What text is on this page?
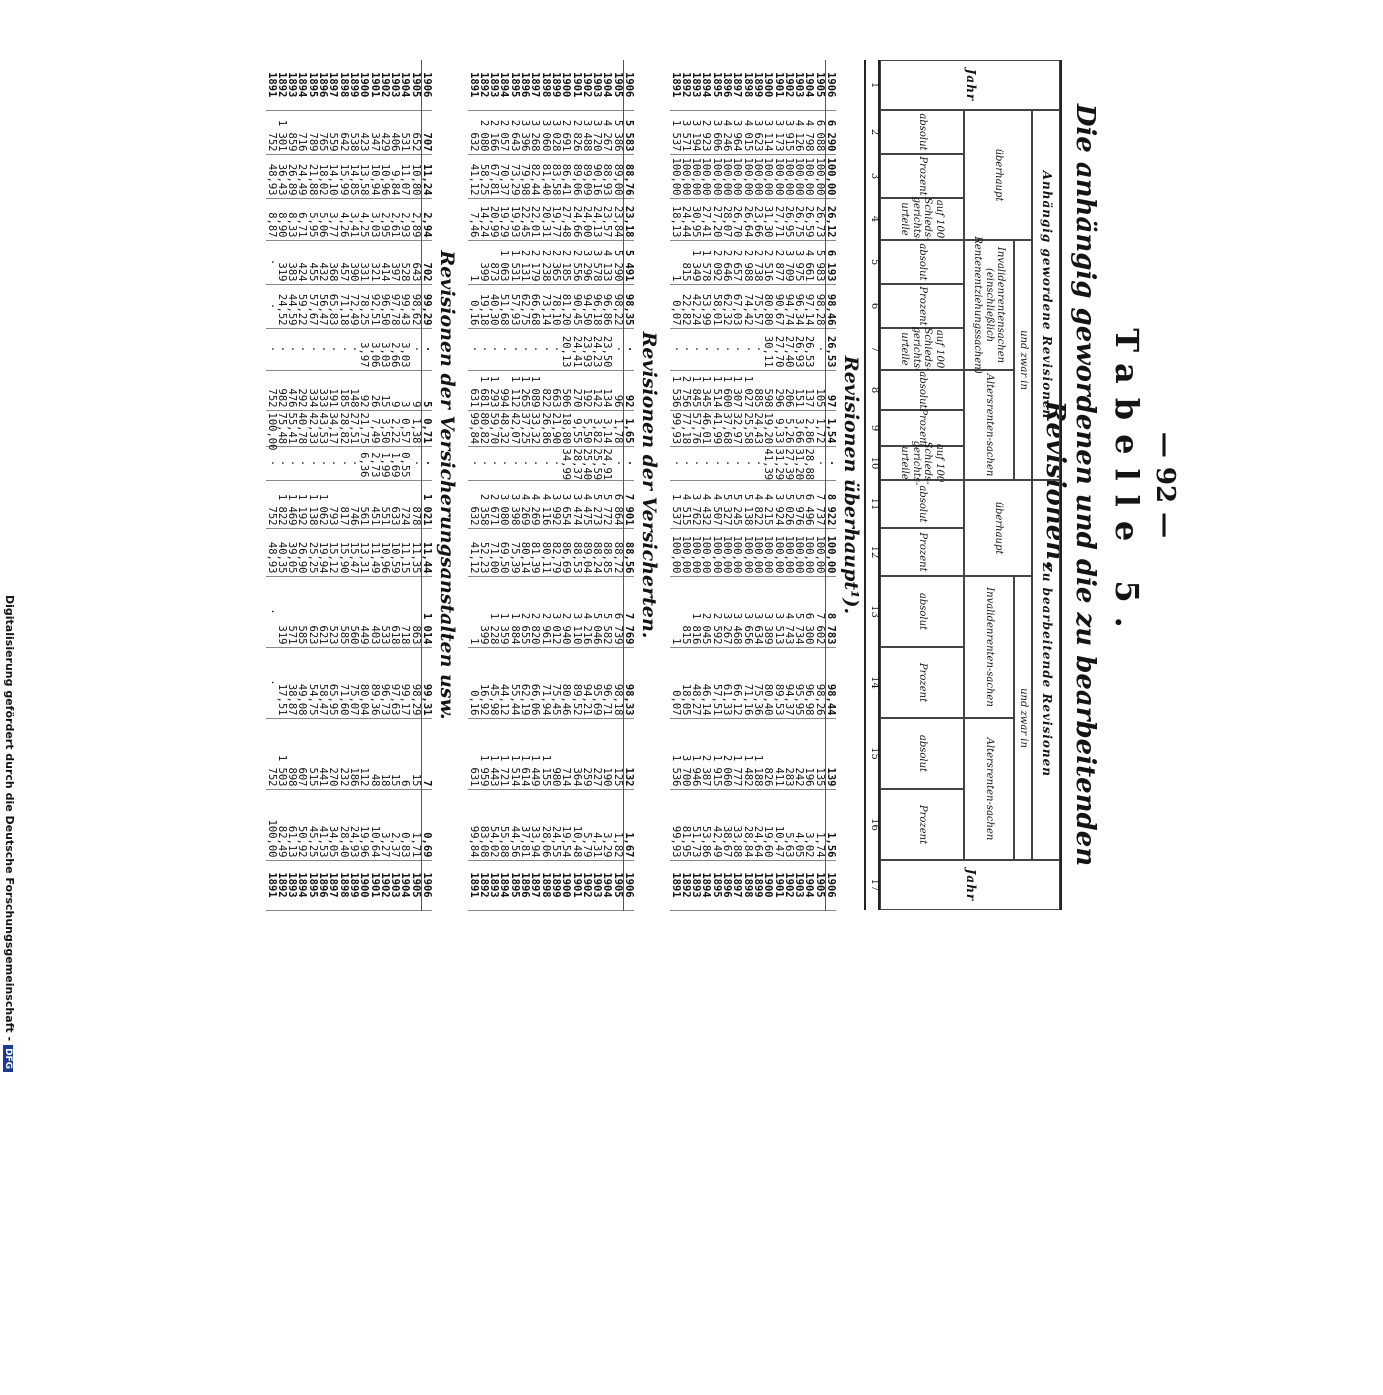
— 92 —
Tabelle 5.
Die anhängig gewordenen und die zu bearbeitenden Revisionen.
Jahr
Anhängig gewordene Revisionen
überhaupt
und zwar in
Invalidenrentensachen (einschließlich Rentenentziehungssachen)
Altersrenten-sachen
Zu bearbeitende Revisionen
überhaupt
und zwar in
Invalidenrenten-sachen
Altersrenten-sachen
Jahr
absolut
Prozent
auf 100 Schieds-gerichts-urteile
absolut
Prozent
auf 100 Schieds-gerichts-urteile
absolut
Prozent
auf 100 Schieds-gerichts-urteile
absolut
Prozent
absolut
Prozent
absolut
Prozent
1
2
3
4
5
6
7
8
9
10
11
12
13
14
15
16
17
Revisionen überhaupt¹).
1906	6 290	100,00	26,12	6 193	98,46	26,53	97	1,54	·	8 922	100,00	8 783	98,44	139	1,56	1906
1905	6 088	100,00	26,73	5 983	98,28	·	105	1,72	·	7 737	100,00	7 602	98,26	135	1,74	1905
1904	4 798	100,00	26,59	4 661	97,14	26,53	137	2,86	28,88	6 496	100,00	6 300	96,98	196	3,02	1904
1903	4 126	100,00	26,75	3 975	96,34	26,93	151	3,66	31,20	5 976	100,00	5 734	95,95	242	4,05	1903
1902	3 915	100,00	26,95	3 709	94,74	27,40	206	5,26	27,39	5 026	100,00	4 743	94,37	283	5,63	1902
1901	3 173	100,00	27,71	2 877	90,67	27,70	296	9,33	31,29	3 924	100,00	3 513	89,53	411	10,47	1901
1900	3 114	100,00	31,30	2 516	80,80	30,11	598	19,20	41,39	4 215	100,00	3 389	80,40	826	19,60	1900
1899	3 623	100,00	23,66	2 738	75,57	·	885	24,43	·	4 822	100,00	3 634	75,36	1 188	24,64	1899
1898	4 015	100,00	26,64	2 988	74,42	·	1 027	25,58	·	5 138	100,00	3 656	71,16	1 482	28,84	1898
1897	3 964	100,00	26,70	2 657	67,03	·	1 307	32,97	·	5 245	100,00	3 468	66,12	1 777	33,88	1897
1896	4 246	100,00	28,07	2 646	62,32	·	1 600	37,68	·	5 327	100,00	3 267	61,33	2 060	38,67	1896
1895	3 606	100,00	27,20	2 092	58,01	·	1 514	41,99	·	4 507	100,00	2 592	57,51	1 915	42,49	1895
1894	2 923	100,00	27,41	1 578	53,99	·	1 345	46,01	·	4 432	100,00	2 045	46,14	2 387	53,86	1894
1893	3 194	100,00	30,95	1 349	42,24	·	1 845	57,76	·	3 762	100,00	1 816	48,27	1 946	51,73	1893
1892	3 571	100,00	24,44	815	22,82	·	2 756	77,18	·	4 515	100,00	815	18,05	3 700	81,95	1892
1891	1 537	100,00	18,13	1	0,07	·	1 536	99,93	·	1 537	100,00	1	0,07	1 536	99,93	1891
Revisionen der Versicherten.
1906	5 583	88,76	23,18	5 491	98,35	·	92	1,65	·	7 901	88,56	7 769	98,33	132	1,67	1906
1905	5 386	89,00	23,84	5 290	98,22	·	96	1,78	·	6 864	88,72	6 739	98,18	125	1,82	1905
1904	4 267	88,93	23,57	4 133	96,86	23,50	134	3,14	24,91	5 772	88,85	5 582	96,71	190	3,29	1904
1903	3 720	90,16	24,13	3 578	96,18	24,23	142	3,82	25,59	5 273	88,24	5 046	95,69	227	4,31	1903
1902	3 488	89,09	24,00	3 296	94,50	23,93	192	5,50	25,40	4 475	89,04	4 216	94,21	259	5,79	1902
1901	2 826	89,06	24,66	2 556	90,45	24,41	270	9,55	28,37	3 474	88,53	3 110	89,52	364	10,48	1901
1900	2 691	86,41	27,48	2 185	81,20	20,13	506	18,80	34,99	3 654	86,69	2 940	80,46	714	19,54	1900
1899	3 028	83,58	19,77	2 365	78,10	·	663	21,90	·	3 992	82,79	3 012	75,45	980	24,55	1899
1898	3 060	81,40	20,31	2 238	73,14	·	822	26,86	·	4 116	80,11	2 961	71,94	1 155	28,06	1898
1897	3 268	82,44	22,01	2 179	66,68	·	1 089	33,32	·	4 269	81,39	2 820	66,06	1 449	33,94	1897
1896	3 396	79,98	22,45	2 131	62,75	·	1 265	37,25	·	4 269	80,14	2 655	62,19	1 614	37,81	1896
1895	2 643	73,29	19,93	1 531	57,93	·	1 112	42,07	·	3 398	75,39	1 884	55,44	1 514	44,56	1895
1894	2 057	70,37	19,29	1 063	51,68	·	994	48,32	·	3 080	69,50	1 359	44,12	1 721	55,88	1894
1893	2 166	67,81	20,99	873	40,30	·	1 293	59,70	·	2 671	71,00	1 228	45,98	1 443	54,02	1893
1892	2 080	58,25	14,24	399	19,18	·	1 681	80,82	·	2 358	52,23	399	16,92	1 959	83,08	1892
1891	632	41,12	7,46	1	0,16	·	631	99,84	·	632	41,12	1	0,16	631	99,84	1891
Revisionen der Versicherungsanstalten usw.
1906	707	11,24	2,94	702	99,29	·	5	0,71	·	1 021	11,44	1 014	99,31	7	0,69	1906
1905	652	10,80	2,89	643	98,62	·	9	1,38	·	878	11,35	863	98,29	15	1,71	1905
1904	531	11,07	2,93	528	99,43	3,03	3	0,57	0,55	724	11,15	718	99,17	6	0,83	1904
1903	406	9,84	2,61	397	97,78	2,66	9	2,22	1,69	633	10,59	618	97,63	15	2,37	1903
1902	429	10,96	2,95	414	96,50	3,03	15	3,50	1,99	551	10,96	533	96,73	18	3,27	1902
1901	347	10,94	3,03	321	92,51	3,06	26	7,49	2,73	451	11,49	403	89,36	48	10,64	1901
1900	423	13,58	4,25	331	78,25	3,97	92	21,75	6,36	561	13,31	449	80,04	112	19,96	1900
1899	538	14,85	3,41	390	72,49	·	148	27,51	·	746	15,47	560	75,07	186	24,93	1899
1898	642	15,99	4,26	457	71,18	·	185	28,82	·	817	15,90	585	71,60	232	28,40	1898
1897	559	14,10	3,77	368	65,83	·	191	34,17	·	793	15,12	523	65,95	270	34,05	1897
1896	765	18,02	5,06	432	56,47	·	333	43,53	·	1 062	19,94	621	58,47	441	41,53	1896
1895	789	21,88	5,95	455	57,67	·	334	42,33	·	1 138	25,25	623	54,75	515	45,25	1895
1894	716	24,49	6,71	424	59,22	·	292	40,78	·	1 192	26,90	585	49,08	607	50,92	1894
1893	859	26,89	8,33	383	44,59	·	476	55,41	·	1 469	39,05	571	38,87	898	61,13	1893
1892	1 301	36,43	8,90	319	24,52	·	982	75,48	·	1 822	40,35	319	17,51	1 503	82,49	1892
1891	752	48,93	8,87	·	·	·	752	100,00	·	752	48,93	·	·	752	100,00	1891
Digitalisierung gefördert durch die Deutsche Forschungsgemeinschaft -DFG
